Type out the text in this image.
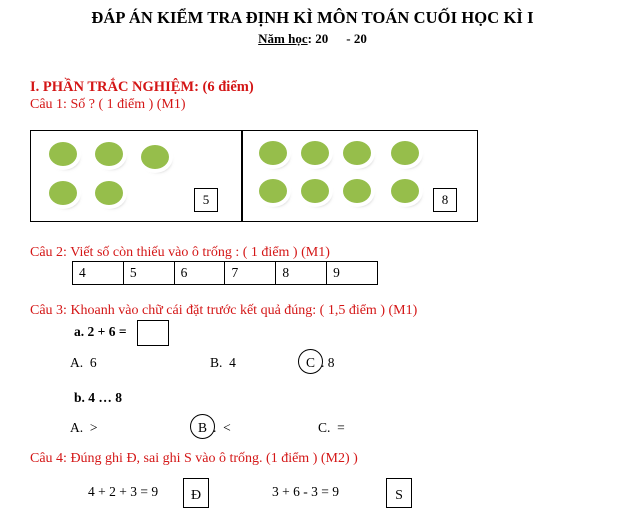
ĐÁP ÁN KIỂM TRA ĐỊNH KÌ MÔN TOÁN CUỐI HỌC KÌ I
Năm học: 20 - 20
I. PHẦN TRẮC NGHIỆM: (6 điểm)
Câu 1: Số ? ( 1 điểm ) (M1)
5	8
Câu 2: Viết số còn thiếu vào ô trống : ( 1 điểm ) (M1)
4	5	6	7	8	9
Câu 3: Khoanh vào chữ cái đặt trước kết quả đúng: ( 1,5 điểm ) (M1)
a. 2 + 6 =
A. 6	B. 4	C . 8
b. 4 … 8
A. >	B . <	C. =
Câu 4: Đúng ghi Đ, sai ghi S vào ô trống. (1 điểm ) (M2) )
4 + 2 + 3 = 9	Đ	3 + 6 - 3 = 9	S
